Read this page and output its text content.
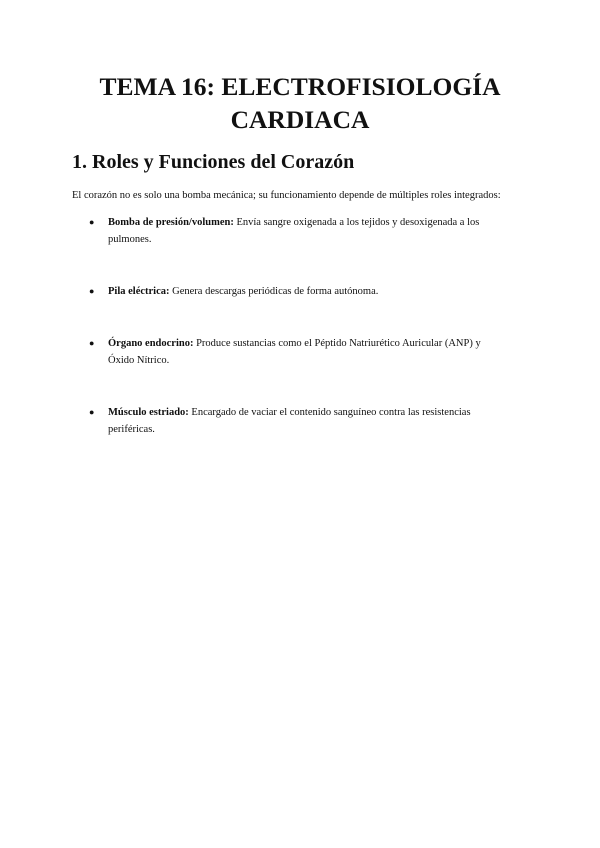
TEMA 16: ELECTROFISIOLOGÍA CARDIACA
1. Roles y Funciones del Corazón

El corazón no es solo una bomba mecánica; su funcionamiento depende de múltiples roles integrados:

● Bomba de presión/volumen: Envía sangre oxigenada a los tejidos y desoxigenada a los pulmones.
● Pila eléctrica: Genera descargas periódicas de forma autónoma.
● Órgano endocrino: Produce sustancias como el Péptido Natriurético Auricular (ANP) y Óxido Nítrico.
● Músculo estriado: Encargado de vaciar el contenido sanguíneo contra las resistencias periféricas.
